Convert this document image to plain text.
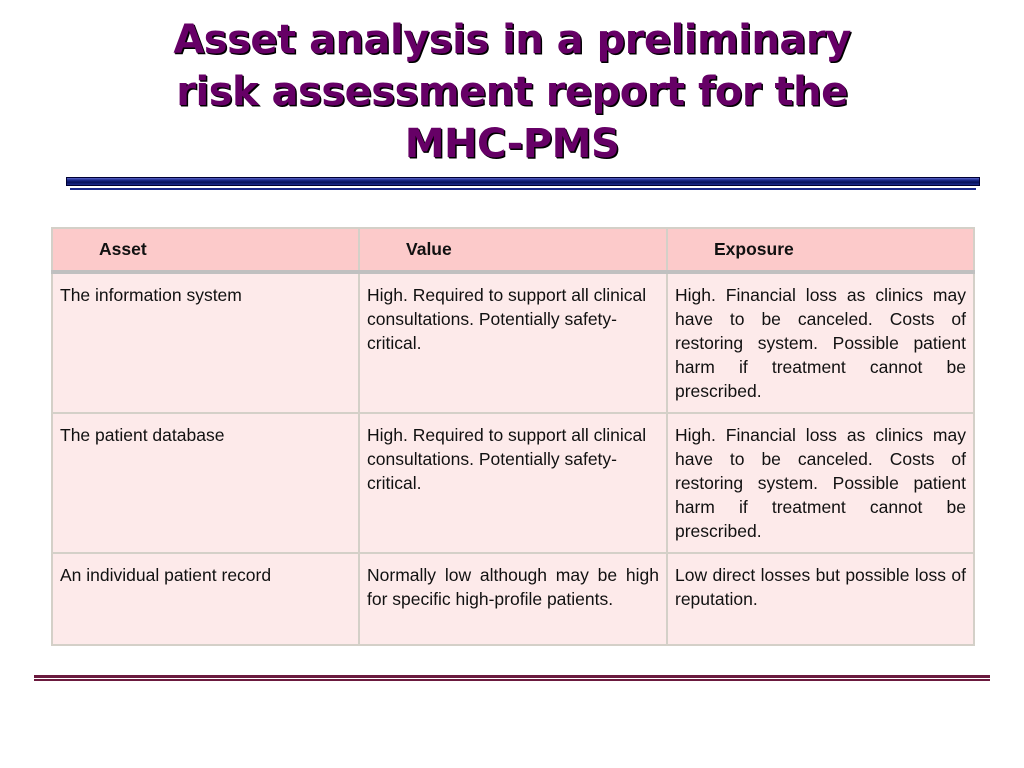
Asset analysis in a preliminary
risk assessment report for the
MHC-PMS
Asset	Value	Exposure
The information system	High. Required to support all clinical consultations. Potentially safety-critical.	High. Financial loss as clinics may have to be canceled. Costs of restoring system. Possible patient harm if treatment cannot be prescribed.
The patient database	High. Required to support all clinical consultations. Potentially safety-critical.	High. Financial loss as clinics may have to be canceled. Costs of restoring system. Possible patient harm if treatment cannot be prescribed.
An individual patient record	Normally low although may be high for specific high-profile patients.	Low direct losses but possible loss of reputation.
